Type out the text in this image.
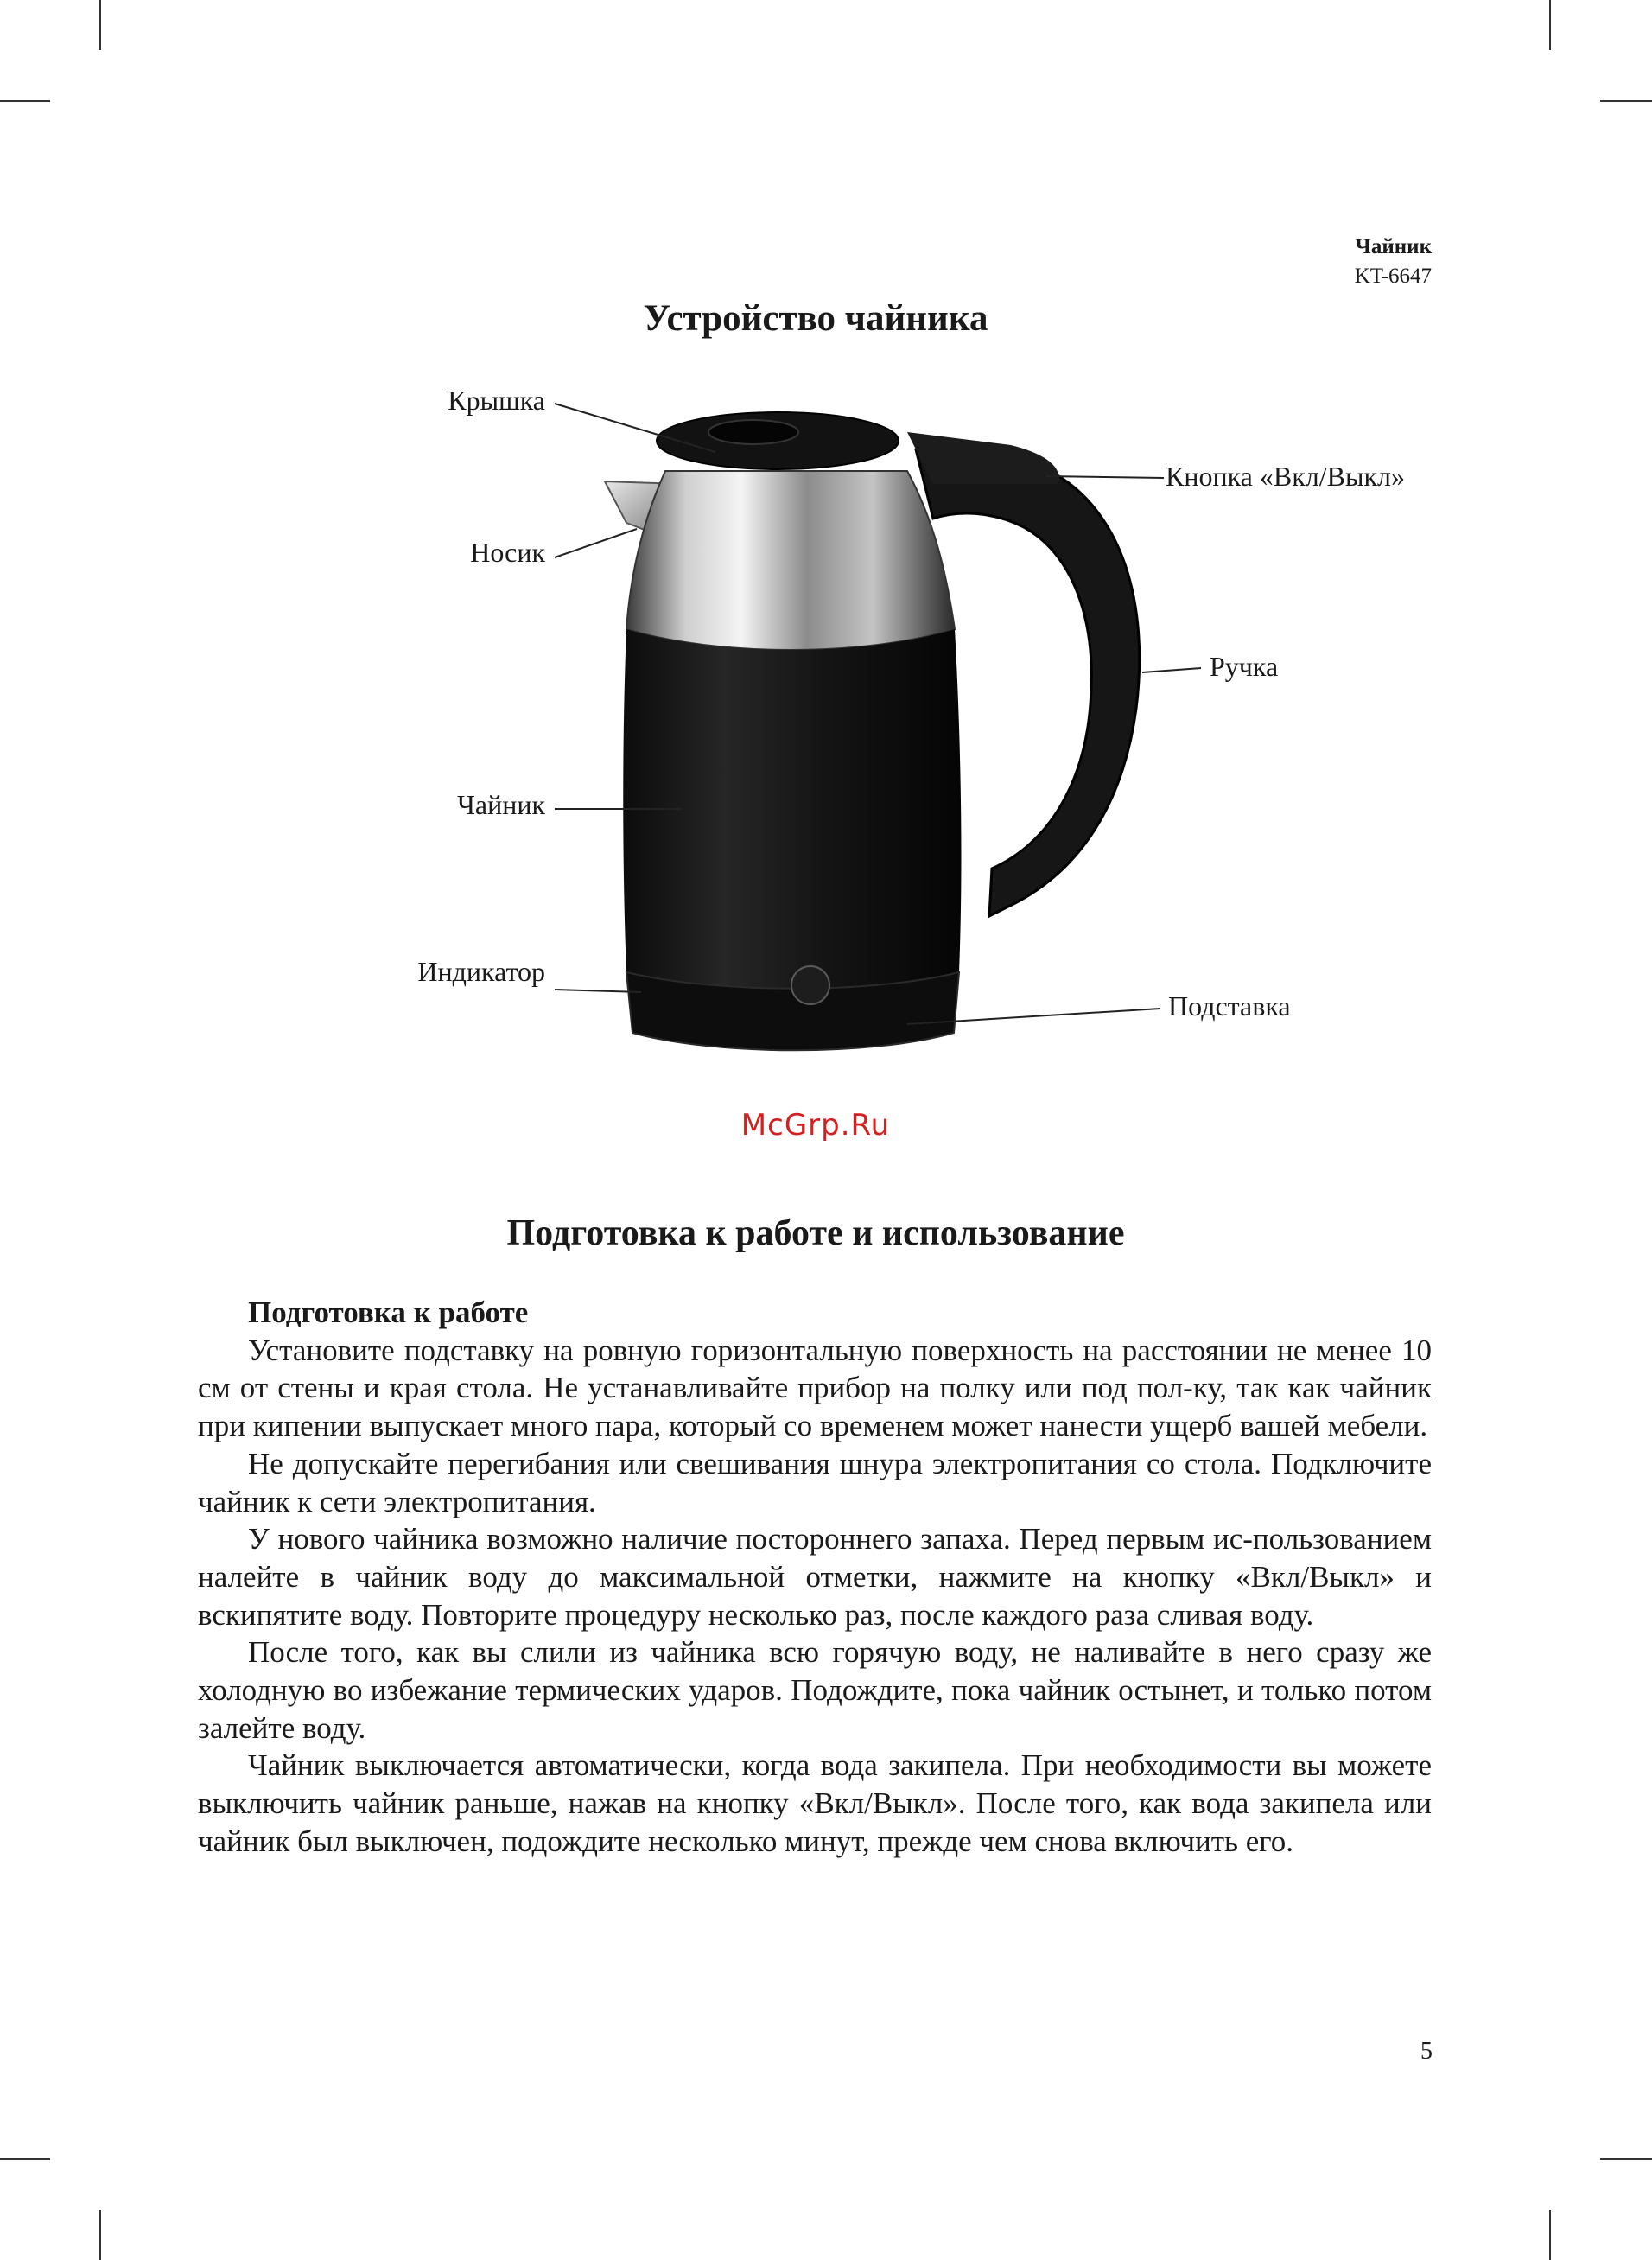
Чайник
KT-6647
Устройство чайника
Крышка
Носик
Чайник
Индикатор
Кнопка «Вкл/Выкл»
Ручка
Подставка
McGrp.Ru
Подготовка к работе и использование
Подготовка к работе

Установите подставку на ровную горизонтальную поверхность на расстоянии не менее 10 см от стены и края стола. Не устанавливайте прибор на полку или под пол-ку, так как чайник при кипении выпускает много пара, который со временем может нанести ущерб вашей мебели.

Не допускайте перегибания или свешивания шнура электропитания со стола. Подключите чайник к сети электропитания.

У нового чайника возможно наличие постороннего запаха. Перед первым ис-пользованием налейте в чайник воду до максимальной отметки, нажмите на кнопку «Вкл/Выкл» и вскипятите воду. Повторите процедуру несколько раз, после каждого раза сливая воду.

После того, как вы слили из чайника всю горячую воду, не наливайте в него сразу же холодную во избежание термических ударов. Подождите, пока чайник остынет, и только потом залейте воду.

Чайник выключается автоматически, когда вода закипела. При необходимости вы можете выключить чайник раньше, нажав на кнопку «Вкл/Выкл». После того, как вода закипела или чайник был выключен, подождите несколько минут, прежде чем снова включить его.

5
